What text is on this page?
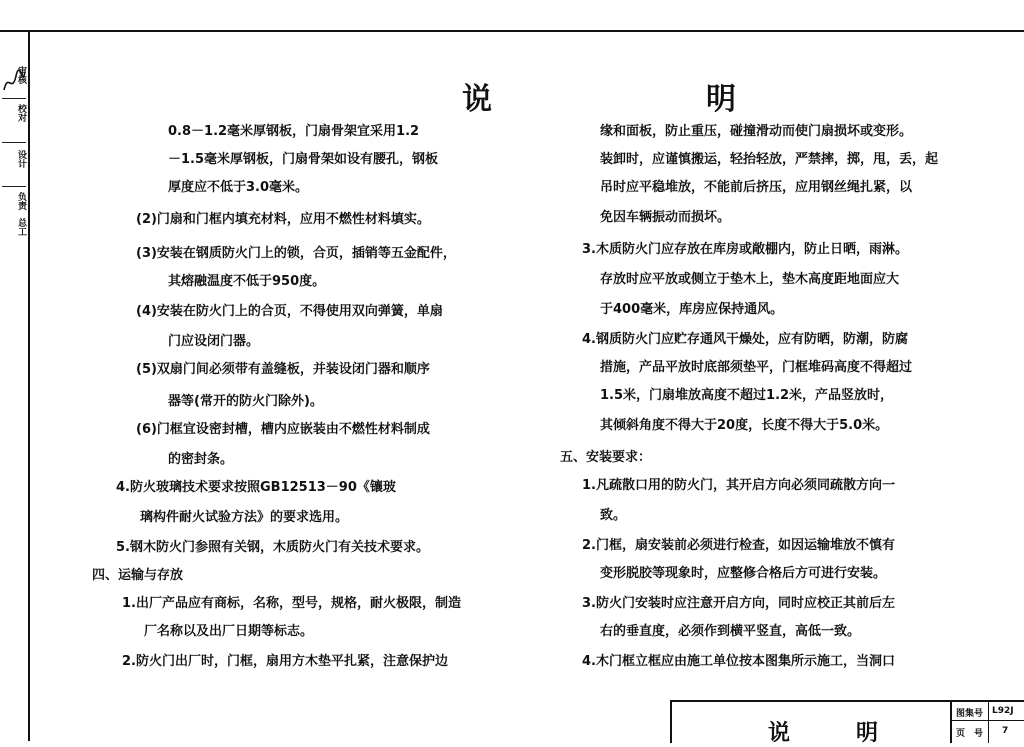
审核
校对
设计
负责
总工
说　明
0.8－1.2毫米厚钢板，门扇骨架宜采用1.2
－1.5毫米厚钢板，门扇骨架如设有腰孔，钢板
厚度应不低于3.0毫米。
(2)门扇和门框内填充材料，应用不燃性材料填实。
(3)安装在钢质防火门上的锁，合页，插销等五金配件，
其熔融温度不低于950度。
(4)安装在防火门上的合页，不得使用双向弹簧，单扇
门应设闭门器。
(5)双扇门间必须带有盖缝板，并装设闭门器和顺序
器等(常开的防火门除外)。
(6)门框宜设密封槽，槽内应嵌装由不燃性材料制成
的密封条。
4.防火玻璃技术要求按照GB12513－90《镶玻
璃构件耐火试验方法》的要求选用。
5.钢木防火门参照有关钢，木质防火门有关技术要求。
四、运输与存放
1.出厂产品应有商标，名称，型号，规格，耐火极限，制造
厂名称以及出厂日期等标志。
2.防火门出厂时，门框，扇用方木垫平扎紧，注意保护边
缘和面板，防止重压，碰撞滑动而使门扇损坏或变形。
装卸时，应谨慎搬运，轻抬轻放，严禁摔，掷，甩，丢，起
吊时应平稳堆放，不能前后挤压，应用钢丝绳扎紧，以
免因车辆振动而损坏。
3.木质防火门应存放在库房或敞棚内，防止日晒，雨淋。
存放时应平放或侧立于垫木上，垫木高度距地面应大
于400毫米，库房应保持通风。
4.钢质防火门应贮存通风干燥处，应有防晒，防潮，防腐
措施，产品平放时底部须垫平，门框堆码高度不得超过
1.5米，门扇堆放高度不超过1.2米，产品竖放时，
其倾斜角度不得大于20度，长度不得大于5.0米。
五、安装要求：
1.凡疏散口用的防火门，其开启方向必须同疏散方向一
致。
2.门框，扇安装前必须进行检查，如因运输堆放不慎有
变形脱胶等现象时，应整修合格后方可进行安装。
3.防火门安装时应注意开启方向，同时应校正其前后左
右的垂直度，必须作到横平竖直，高低一致。
4.木门框立框应由施工单位按本图集所示施工，当洞口
说　明
图集号 L92J
页　号 7
